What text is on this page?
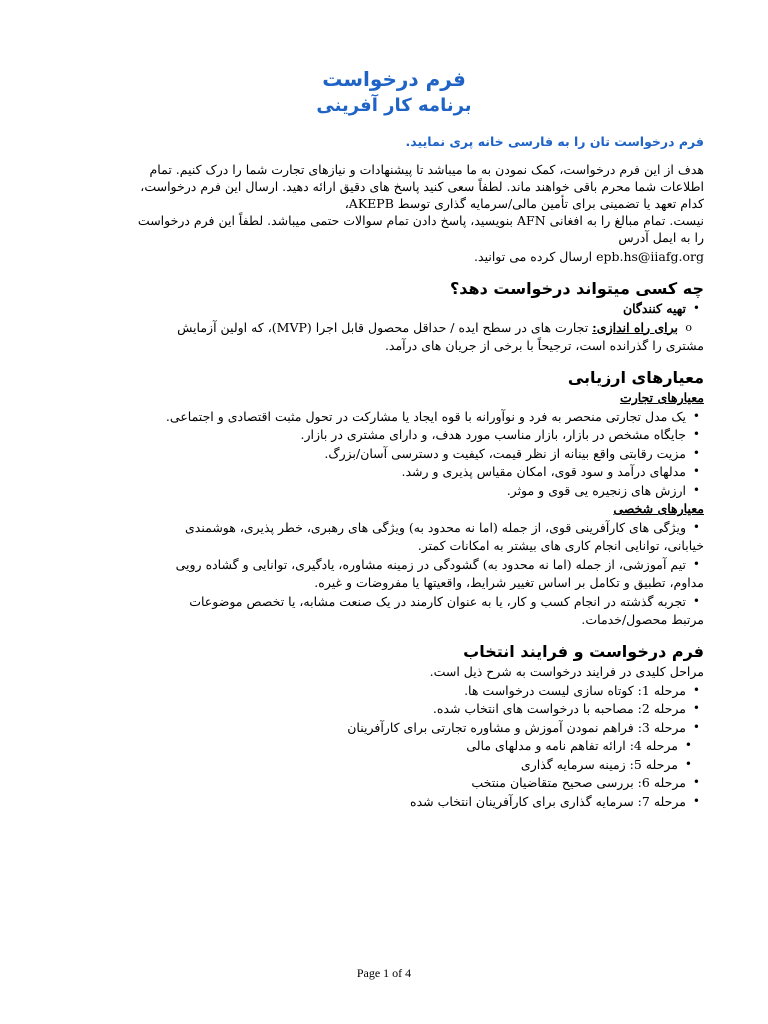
فرم درخواست
برنامه کار آفرینی
فرم درخواست تان را به فارسی خانه پری نمایید.

هدف از این فرم درخواست، کمک نمودن به ما میباشد تا پیشنهادات و نیازهای تجارت شما را درک کنیم. تمام

اطلاعات شما محرم باقی خواهند ماند. لطفاً سعی کنید پاسخ های دقیق ارائه دهید. ارسال این فرم درخواست،

کدام تعهد یا تضمینی برای تأمین مالی/سرمایه گذاری توسط AKEPB،

نیست. تمام مبالغ را به افغانی AFN بنویسید، پاسخ دادن تمام سوالات حتمی میباشد. لطفاً این فرم درخواست

را به ایمل آدرس

epb.hs@iiafg.org ارسال کرده می توانید.

چه کسی میتواند درخواست دهد؟
• تهیه کنندگان
o برای راه اندازی: تجارت های در سطح ایده / حداقل محصول قابل اجرا (MVP)، که اولین آزمایش

مشتری را گذرانده است، ترجیحاً با برخی از جریان های درآمد.

معیارهای ارزیابی
معیارهای تجارت
• یک مدل تجارتی منحصر به فرد و نوآورانه با قوه ایجاد یا مشارکت در تحول مثبت اقتصادی و اجتماعی.
• جایگاه مشخص در بازار، بازار مناسب مورد هدف، و دارای مشتری در بازار.
• مزیت رقابتی واقع بینانه از نظر قیمت، کیفیت و دسترسی آسان/بزرگ.
• مدلهای درآمد و سود قوی، امکان مقیاس پذیری و رشد.
• ارزش های زنجیره یی قوی و موثر.
معیارهای شخصی
• ویژگی های کارآفرینی قوی، از جمله (اما نه محدود به) ویژگی های رهبری، خطر پذیری، هوشمندی

خیابانی، توانایی انجام کاری های بیشتر به امکانات کمتر.

• تیم آموزشی، از جمله (اما نه محدود به) گشودگی در زمینه مشاوره، یادگیری، توانایی و گشاده رویی

مداوم، تطبیق و تکامل بر اساس تغییر شرایط، واقعیتها یا مفروضات و غیره.

• تجربه گذشته در انجام کسب و کار، یا به عنوان کارمند در یک صنعت مشابه، یا تخصص موضوعات

مرتبط محصول/خدمات.

فرم درخواست و فرایند انتخاب

مراحل کلیدی در فرایند درخواست به شرح ذیل است.

• مرحله 1: کوتاه سازی لیست درخواست ها.
• مرحله 2: مصاحبه با درخواست های انتخاب شده.
• مرحله 3: فراهم نمودن آموزش و مشاوره تجارتی برای کارآفرینان
• مرحله 4: ارائه تفاهم نامه و مدلهای مالی
• مرحله 5: زمینه سرمایه گذاری
• مرحله 6: بررسی صحیح متقاضیان منتخب
• مرحله 7: سرمایه گذاری برای کارآفرینان انتخاب شده
Page 1 of 4
